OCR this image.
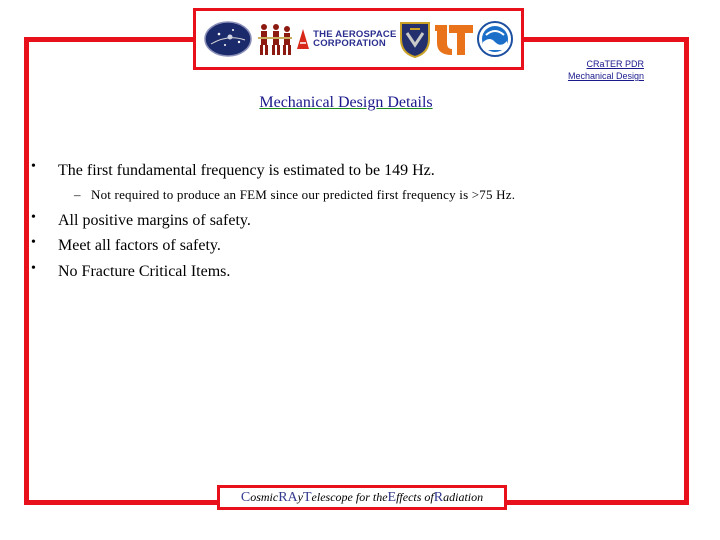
THE AEROSPACE
CORPORATION
CRaTER PDR
Mechanical Design
Mechanical Design Details
• The first fundamental frequency is estimated to be 149 Hz.
– Not required to produce an FEM since our predicted first frequency is >75 Hz.
• All positive margins of safety.
• Meet all factors of safety.
• No Fracture Critical Items.
C osmic RA y T elescope for the E ffects of R adiation
